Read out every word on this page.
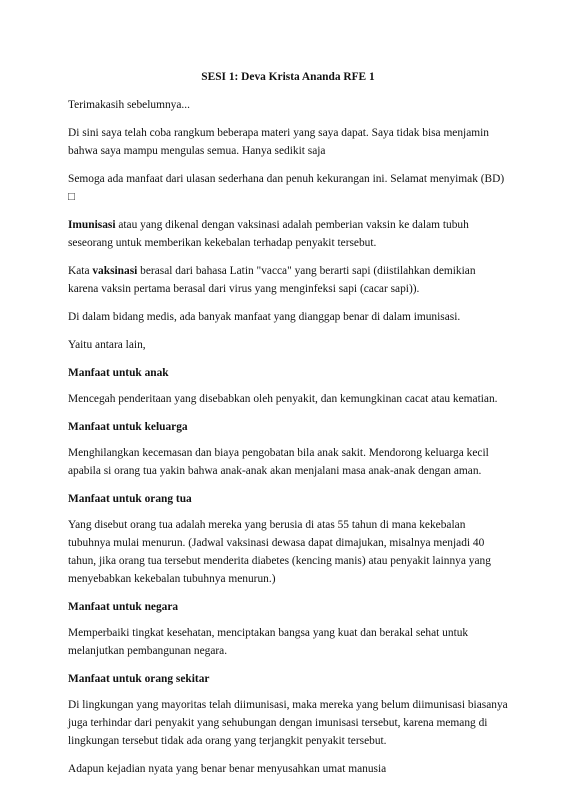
SESI 1: Deva Krista Ananda RFE 1

Terimakasih sebelumnya...

Di sini saya telah coba rangkum beberapa materi yang saya dapat. Saya tidak bisa menjamin bahwa saya mampu mengulas semua. Hanya sedikit saja

Semoga ada manfaat dari ulasan sederhana dan penuh kekurangan ini. Selamat menyimak (BD) □

Imunisasi atau yang dikenal dengan vaksinasi adalah pemberian vaksin ke dalam tubuh seseorang untuk memberikan kekebalan terhadap penyakit tersebut.

Kata vaksinasi berasal dari bahasa Latin "vacca" yang berarti sapi (diistilahkan demikian karena vaksin pertama berasal dari virus yang menginfeksi sapi (cacar sapi)).

Di dalam bidang medis, ada banyak manfaat yang dianggap benar di dalam imunisasi.

Yaitu antara lain,

Manfaat untuk anak

Mencegah penderitaan yang disebabkan oleh penyakit, dan kemungkinan cacat atau kematian.

Manfaat untuk keluarga

Menghilangkan kecemasan dan biaya pengobatan bila anak sakit. Mendorong keluarga kecil apabila si orang tua yakin bahwa anak-anak akan menjalani masa anak-anak dengan aman.

Manfaat untuk orang tua

Yang disebut orang tua adalah mereka yang berusia di atas 55 tahun di mana kekebalan tubuhnya mulai menurun. (Jadwal vaksinasi dewasa dapat dimajukan, misalnya menjadi 40 tahun, jika orang tua tersebut menderita diabetes (kencing manis) atau penyakit lainnya yang menyebabkan kekebalan tubuhnya menurun.)

Manfaat untuk negara

Memperbaiki tingkat kesehatan, menciptakan bangsa yang kuat dan berakal sehat untuk melanjutkan pembangunan negara.

Manfaat untuk orang sekitar

Di lingkungan yang mayoritas telah diimunisasi, maka mereka yang belum diimunisasi biasanya juga terhindar dari penyakit yang sehubungan dengan imunisasi tersebut, karena memang di lingkungan tersebut tidak ada orang yang terjangkit penyakit tersebut.

Adapun kejadian nyata yang benar benar menyusahkan umat manusia
